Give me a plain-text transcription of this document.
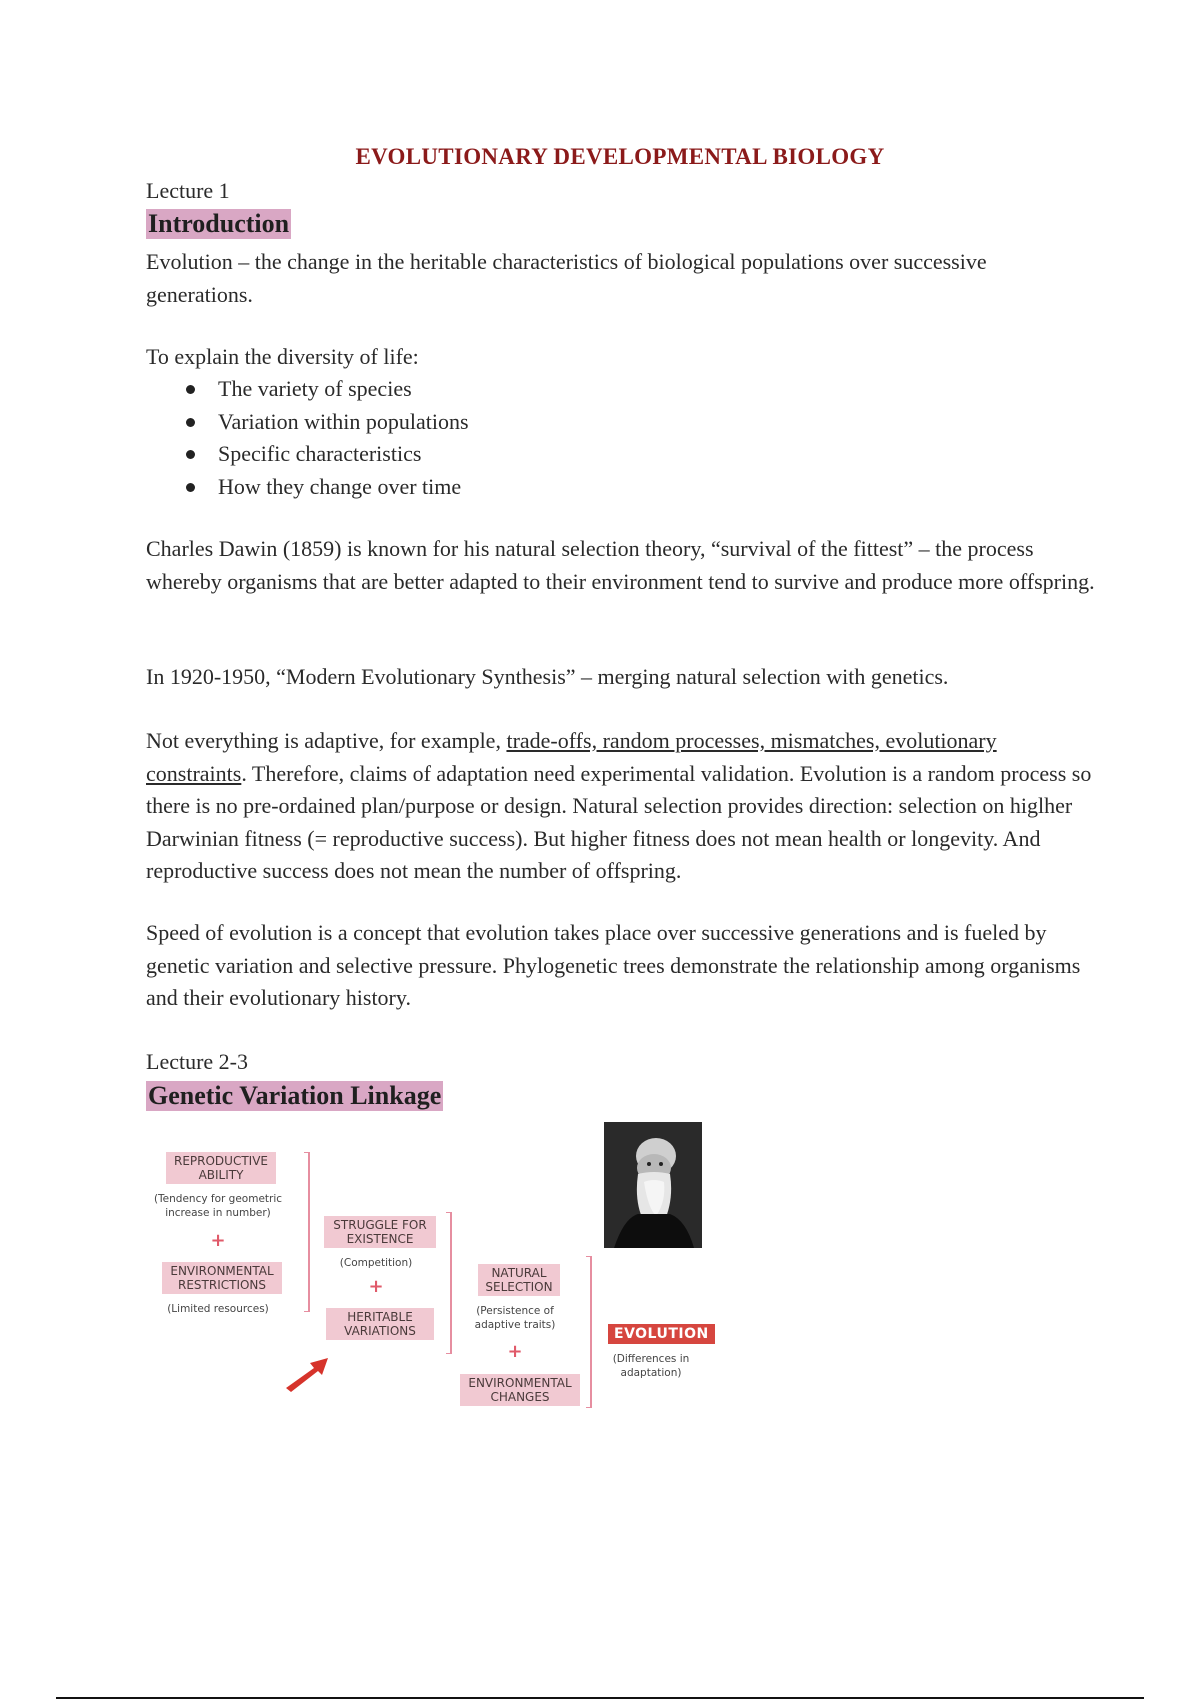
EVOLUTIONARY DEVELOPMENTAL BIOLOGY
Lecture 1
Introduction

Evolution – the change in the heritable characteristics of biological populations over successive generations.

To explain the diversity of life:

The variety of species
Variation within populations
Specific characteristics
How they change over time

Charles Dawin (1859) is known for his natural selection theory, “survival of the fittest” – the process whereby organisms that are better adapted to their environment tend to survive and produce more offspring.

In 1920-1950, “Modern Evolutionary Synthesis” – merging natural selection with genetics.

Not everything is adaptive, for example, trade-offs, random processes, mismatches, evolutionary constraints. Therefore, claims of adaptation need experimental validation. Evolution is a random process so there is no pre-ordained plan/purpose or design. Natural selection provides direction: selection on higlher Darwinian fitness (= reproductive success). But higher fitness does not mean health or longevity. And reproductive success does not mean the number of offspring.

Speed of evolution is a concept that evolution takes place over successive generations and is fueled by genetic variation and selective pressure. Phylogenetic trees demonstrate the relationship among organisms and their evolutionary history.

Lecture 2-3
Genetic Variation Linkage
REPRODUCTIVE
ABILITY
(Tendency for geometric
increase in number)
+
ENVIRONMENTAL
RESTRICTIONS
(Limited resources)
STRUGGLE FOR
EXISTENCE
(Competition)
+
HERITABLE
VARIATIONS
NATURAL
SELECTION
(Persistence of
adaptive traits)
+
ENVIRONMENTAL
CHANGES
EVOLUTION
(Differences in
adaptation)
